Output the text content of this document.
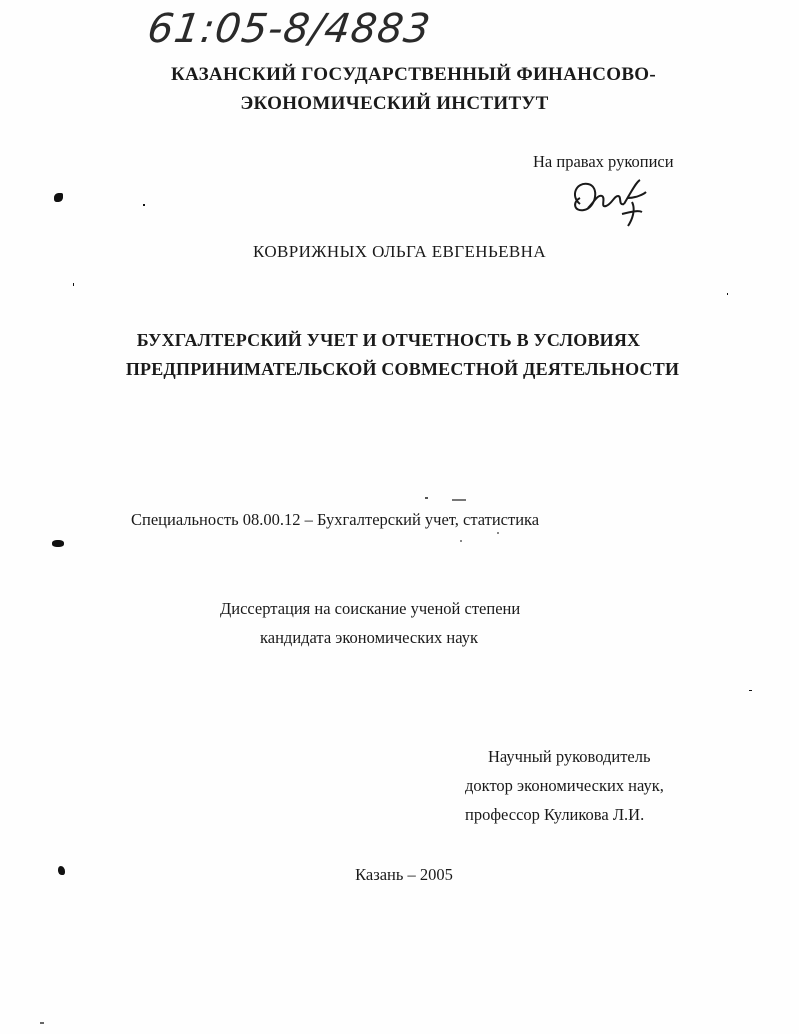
61:05-8/4883
КАЗАНСКИЙ ГОСУДАРСТВЕННЫЙ ФИНАНСОВО-
ЭКОНОМИЧЕСКИЙ ИНСТИТУТ
На правах рукописи
КОВРИЖНЫХ ОЛЬГА ЕВГЕНЬЕВНА
БУХГАЛТЕРСКИЙ УЧЕТ И ОТЧЕТНОСТЬ В УСЛОВИЯХ
ПРЕДПРИНИМАТЕЛЬСКОЙ СОВМЕСТНОЙ ДЕЯТЕЛЬНОСТИ
Специальность 08.00.12 – Бухгалтерский учет, статистика
Диссертация на соискание ученой степени
кандидата экономических наук
Научный руководитель
доктор экономических наук,
профессор Куликова Л.И.
Казань – 2005
